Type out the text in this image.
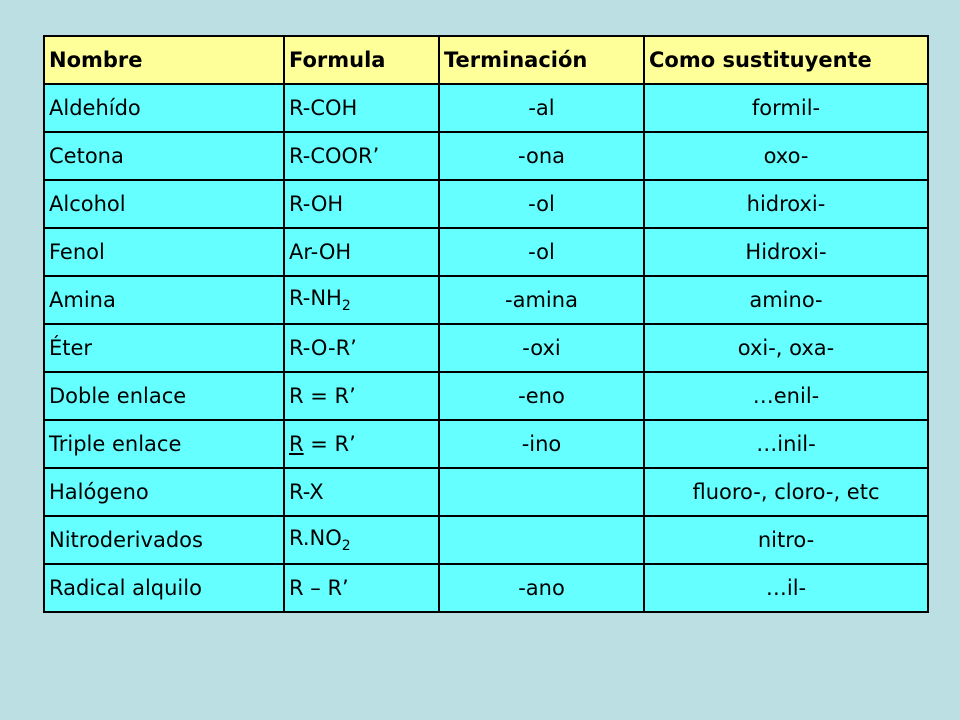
Nombre	Formula	Terminación	Como sustituyente
Aldehído	R-COH	-al	formil-
Cetona	R-COOR’	-ona	oxo-
Alcohol	R-OH	-ol	hidroxi-
Fenol	Ar-OH	-ol	Hidroxi-
Amina	$R-NH_2$	-amina	amino-
Éter	R-O-R’	-oxi	oxi-, oxa-
Doble enlace	R = R’	-eno	…enil-
Triple enlace	R = R’	-ino	…inil-
Halógeno	R-X		fluoro-, cloro-, etc
Nitroderivados	$R.NO_2$		nitro-
Radical alquilo	R – R’	-ano	…il-
